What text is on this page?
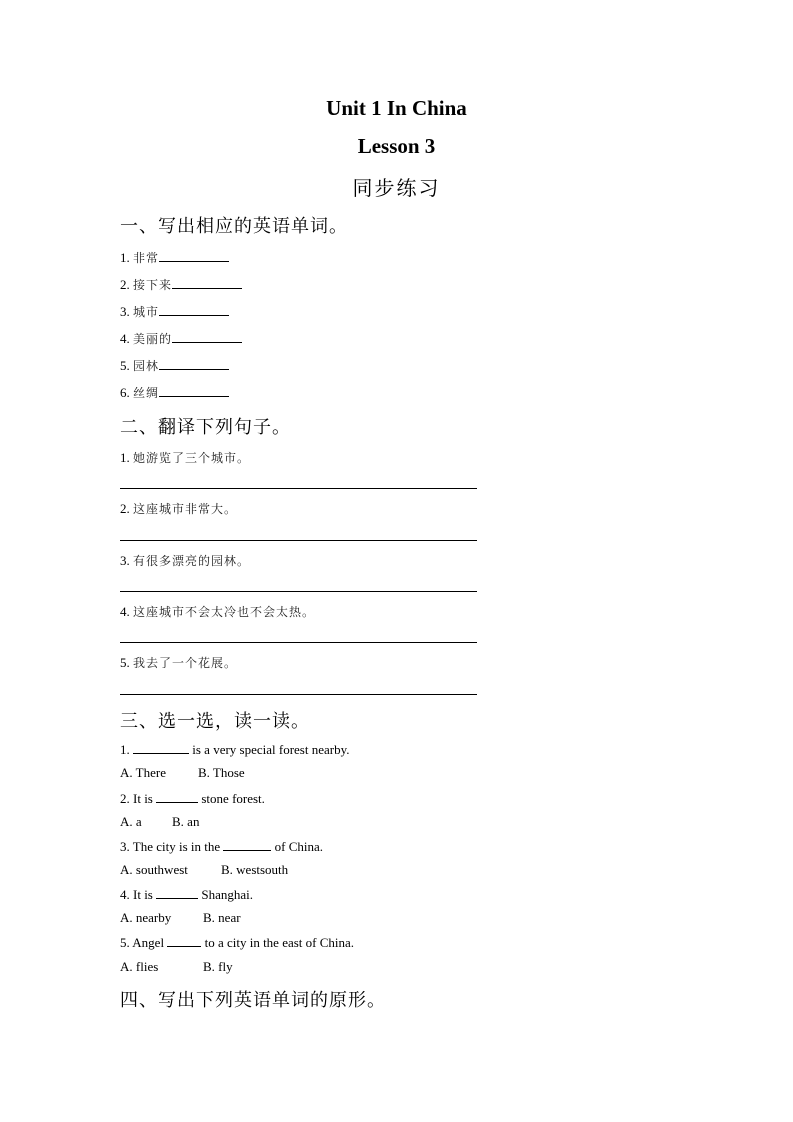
Unit 1 In China
Lesson 3
同步练习
一、写出相应的英语单词。
1. 非常
2. 接下来
3. 城市
4. 美丽的
5. 园林
6. 丝绸
二、翻译下列句子。
1. 她游览了三个城市。
2. 这座城市非常大。
3. 有很多漂亮的园林。
4. 这座城市不会太冷也不会太热。
5. 我去了一个花展。
三、选一选，读一读。
1.	is a very special forest nearby.
A. There B. Those
2. It is	stone forest.
A. a B. an
3. The city is in the	of China.
A. southwest	B. westsouth
4. It is	Shanghai.
A. nearby B. near
5. Angel	to a city in the east of China.
A. flies	B. fly
四、写出下列英语单词的原形。
